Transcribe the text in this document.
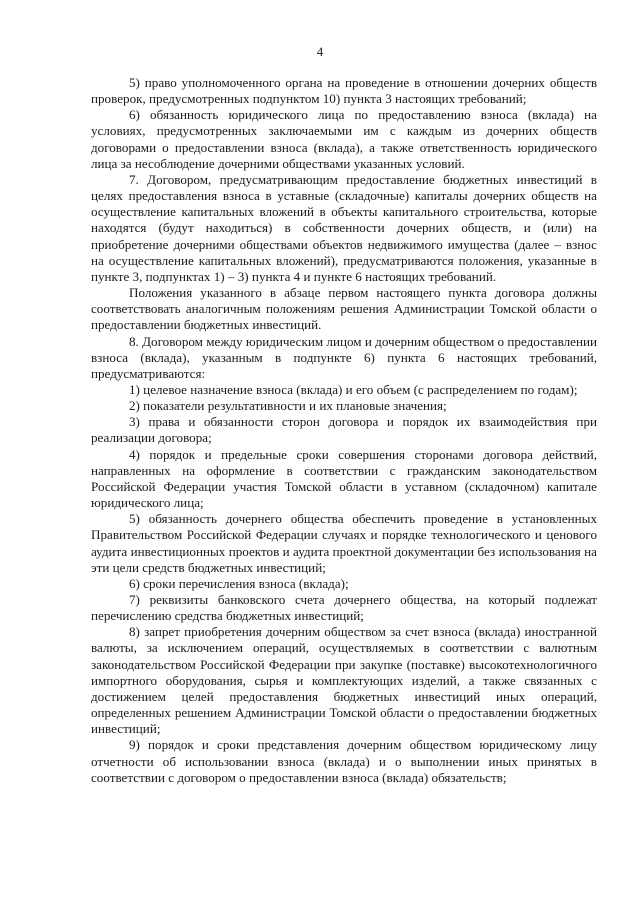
4

5) право уполномоченного органа на проведение в отношении дочерних обществ проверок, предусмотренных подпунктом 10) пункта 3 настоящих требований;

6) обязанность юридического лица по предоставлению взноса (вклада) на условиях, предусмотренных заключаемыми им с каждым из дочерних обществ договорами о предоставлении взноса (вклада), а также ответственность юридического лица за несоблюдение дочерними обществами указанных условий.

7. Договором, предусматривающим предоставление бюджетных инвестиций в целях предоставления взноса в уставные (складочные) капиталы дочерних обществ на осуществление капитальных вложений в объекты капитального строительства, которые находятся (будут находиться) в собственности дочерних обществ, и (или) на приобретение дочерними обществами объектов недвижимого имущества (далее – взнос на осуществление капитальных вложений), предусматриваются положения, указанные в пункте 3, подпунктах 1) – 3) пункта 4 и пункте 6 настоящих требований.

Положения указанного в абзаце первом настоящего пункта договора должны соответствовать аналогичным положениям решения Администрации Томской области о предоставлении бюджетных инвестиций.

8. Договором между юридическим лицом и дочерним обществом о предоставлении взноса (вклада), указанным в подпункте 6) пункта 6 настоящих требований, предусматриваются:

1) целевое назначение взноса (вклада) и его объем (с распределением по годам);

2) показатели результативности и их плановые значения;

3) права и обязанности сторон договора и порядок их взаимодействия при реализации договора;

4) порядок и предельные сроки совершения сторонами договора действий, направленных на оформление в соответствии с гражданским законодательством Российской Федерации участия Томской области в уставном (складочном) капитале юридического лица;

5) обязанность дочернего общества обеспечить проведение в установленных Правительством Российской Федерации случаях и порядке технологического и ценового аудита инвестиционных проектов и аудита проектной документации без использования на эти цели средств бюджетных инвестиций;

6) сроки перечисления взноса (вклада);

7) реквизиты банковского счета дочернего общества, на который подлежат перечислению средства бюджетных инвестиций;

8) запрет приобретения дочерним обществом за счет взноса (вклада) иностранной валюты, за исключением операций, осуществляемых в соответствии с валютным законодательством Российской Федерации при закупке (поставке) высокотехнологичного импортного оборудования, сырья и комплектующих изделий, а также связанных с достижением целей предоставления бюджетных инвестиций иных операций, определенных решением Администрации Томской области о предоставлении бюджетных инвестиций;

9) порядок и сроки представления дочерним обществом юридическому лицу отчетности об использовании взноса (вклада) и о выполнении иных принятых в соответствии с договором о предоставлении взноса (вклада) обязательств;
